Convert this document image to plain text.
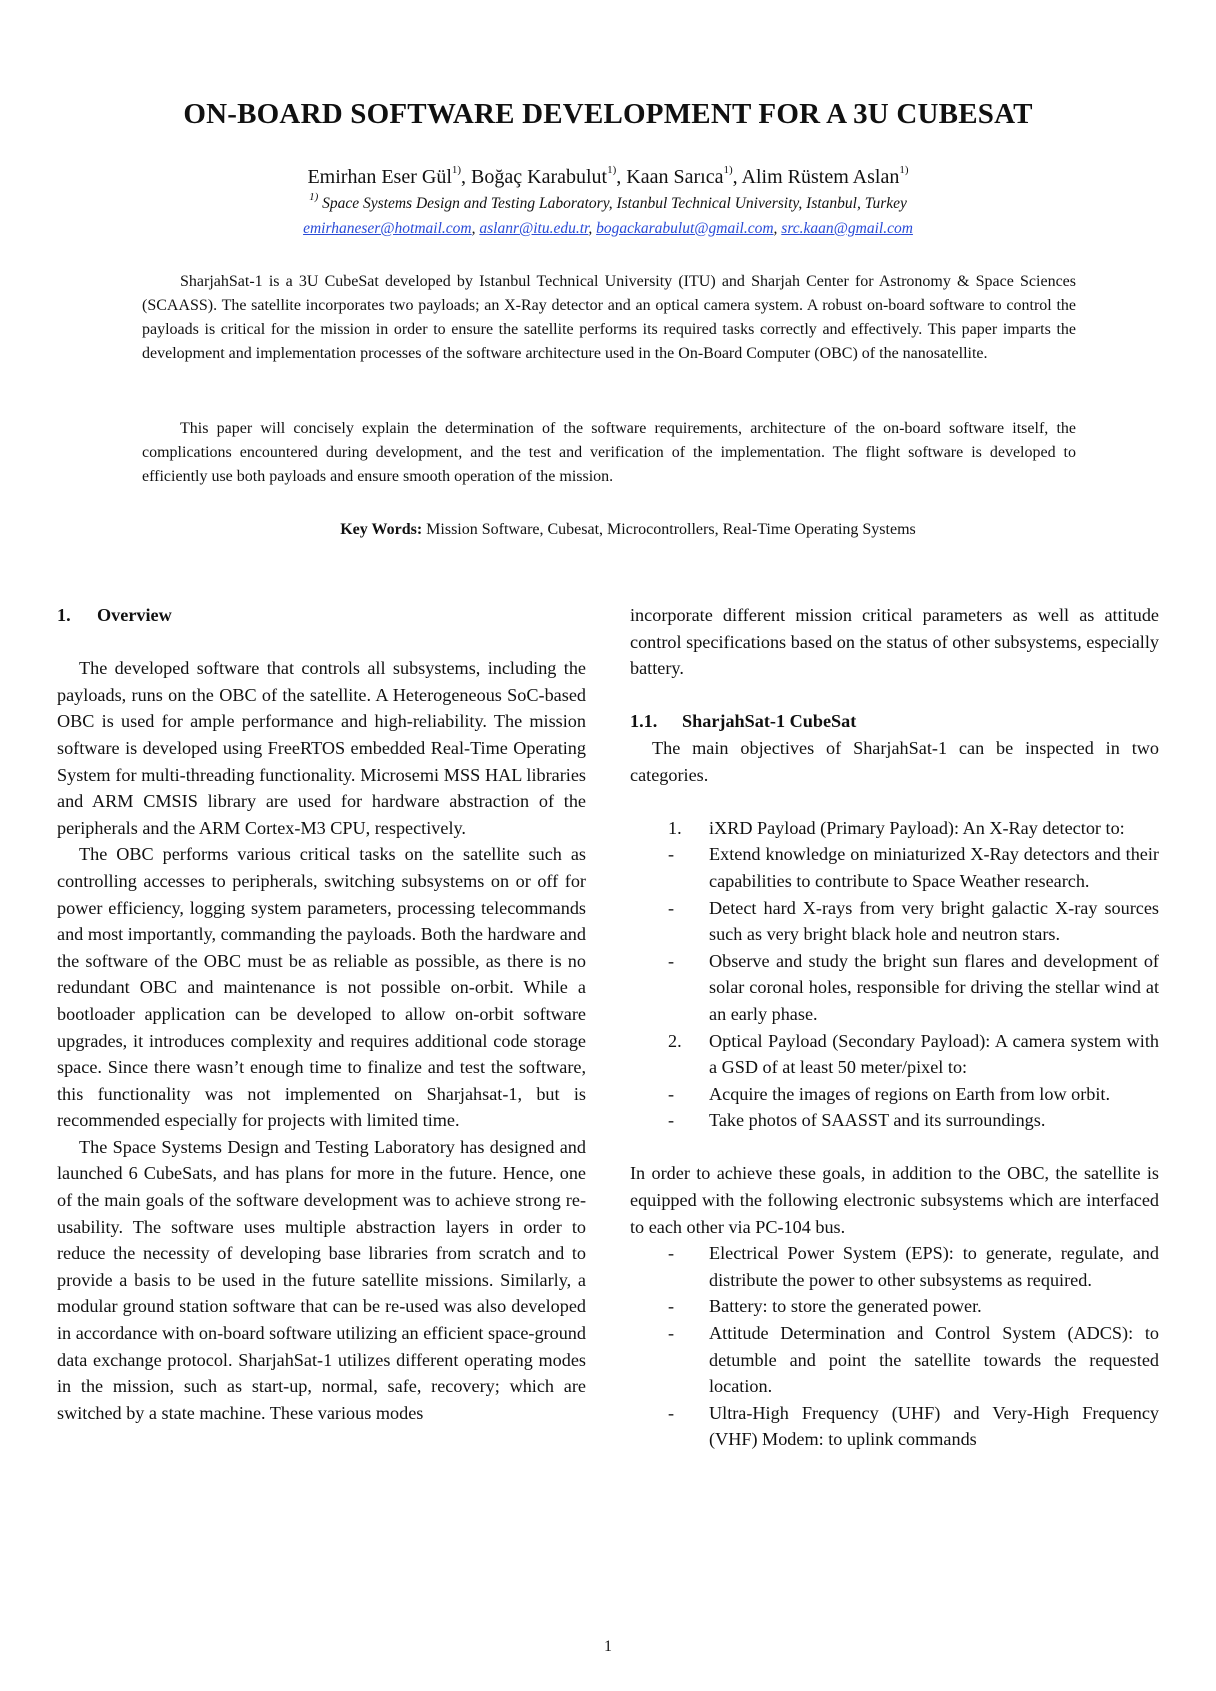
ON-BOARD SOFTWARE DEVELOPMENT FOR A 3U CUBESAT
Emirhan Eser Gül$^{1)}$, Boğaç Karabulut$^{1)}$, Kaan Sarıca$^{1)}$, Alim Rüstem Aslan$^{1)}$
$^{1)}$ Space Systems Design and Testing Laboratory, Istanbul Technical University, Istanbul, Turkey
emirhaneser@hotmail.com, aslanr@itu.edu.tr, bogackarabulut@gmail.com, src.kaan@gmail.com

SharjahSat-1 is a 3U CubeSat developed by Istanbul Technical University (ITU) and Sharjah Center for Astronomy & Space Sciences (SCAASS). The satellite incorporates two payloads; an X-Ray detector and an optical camera system. A robust on-board software to control the payloads is critical for the mission in order to ensure the satellite performs its required tasks correctly and effectively. This paper imparts the development and implementation processes of the software architecture used in the On-Board Computer (OBC) of the nanosatellite.

This paper will concisely explain the determination of the software requirements, architecture of the on-board software itself, the complications encountered during development, and the test and verification of the implementation. The flight software is developed to efficiently use both payloads and ensure smooth operation of the mission.

Key Words: Mission Software, Cubesat, Microcontrollers, Real-Time Operating Systems

1. Overview

The developed software that controls all subsystems, including the payloads, runs on the OBC of the satellite. A Heterogeneous SoC-based OBC is used for ample performance and high-reliability. The mission software is developed using FreeRTOS embedded Real-Time Operating System for multi-threading functionality. Microsemi MSS HAL libraries and ARM CMSIS library are used for hardware abstraction of the peripherals and the ARM Cortex-M3 CPU, respectively.

The OBC performs various critical tasks on the satellite such as controlling accesses to peripherals, switching subsystems on or off for power efficiency, logging system parameters, processing telecommands and most importantly, commanding the payloads. Both the hardware and the software of the OBC must be as reliable as possible, as there is no redundant OBC and maintenance is not possible on-orbit. While a bootloader application can be developed to allow on-orbit software upgrades, it introduces complexity and requires additional code storage space. Since there wasn’t enough time to finalize and test the software, this functionality was not implemented on Sharjahsat-1, but is recommended especially for projects with limited time.

The Space Systems Design and Testing Laboratory has designed and launched 6 CubeSats, and has plans for more in the future. Hence, one of the main goals of the software development was to achieve strong re-usability. The software uses multiple abstraction layers in order to reduce the necessity of developing base libraries from scratch and to provide a basis to be used in the future satellite missions. Similarly, a modular ground station software that can be re-used was also developed in accordance with on-board software utilizing an efficient space-ground data exchange protocol. SharjahSat-1 utilizes different operating modes in the mission, such as start-up, normal, safe, recovery; which are switched by a state machine. These various modes

incorporate different mission critical parameters as well as attitude control specifications based on the status of other subsystems, especially battery.

1.1. SharjahSat-1 CubeSat

The main objectives of SharjahSat-1 can be inspected in two categories.

1.	iXRD Payload (Primary Payload): An X-Ray detector to:
-	Extend knowledge on miniaturized X-Ray detectors and their capabilities to contribute to Space Weather research.
-	Detect hard X-rays from very bright galactic X-ray sources such as very bright black hole and neutron stars.
-	Observe and study the bright sun flares and development of solar coronal holes, responsible for driving the stellar wind at an early phase.
2.	Optical Payload (Secondary Payload): A camera system with a GSD of at least 50 meter/pixel to:
-	Acquire the images of regions on Earth from low orbit.
-	Take photos of SAASST and its surroundings.

In order to achieve these goals, in addition to the OBC, the satellite is equipped with the following electronic subsystems which are interfaced to each other via PC-104 bus.

-	Electrical Power System (EPS): to generate, regulate, and distribute the power to other subsystems as required.
-	Battery: to store the generated power.
-	Attitude Determination and Control System (ADCS): to detumble and point the satellite towards the requested location.
-	Ultra-High Frequency (UHF) and Very-High Frequency (VHF) Modem: to uplink commands
1
